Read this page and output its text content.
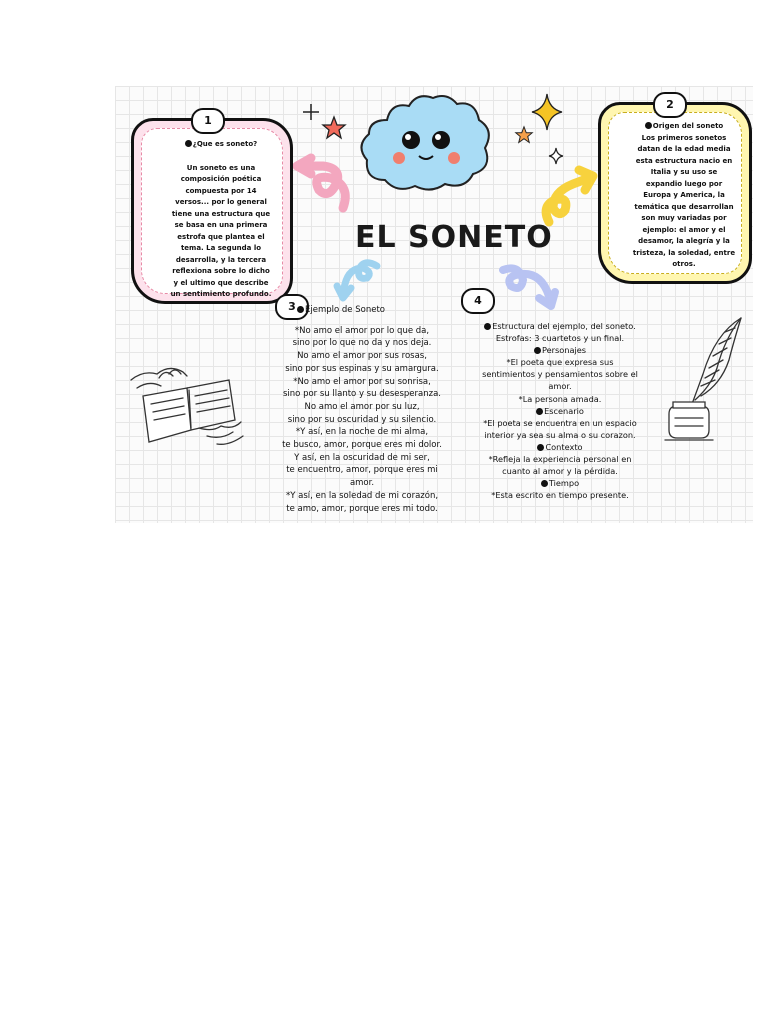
EL SONETO
¿Que es soneto?
Un soneto es una
composición poética
compuesta por 14
versos... por lo general
tiene una estructura que
se basa en una primera
estrofa que plantea el
tema. La segunda lo
desarrolla, y la tercera
reflexiona sobre lo dicho
y el ultimo que describe
un sentimiento profundo.
1	Origen del soneto
Los primeros sonetos
datan de la edad media
esta estructura nacio en
Italia y su uso se
expandio luego por
Europa y America, la
temática que desarrollan
son muy variadas por
ejemplo: el amor y el
desamor, la alegría y la
tristeza, la soledad, entre
otros.
2
3	Ejemplo de Soneto
*No amo el amor por lo que da,
sino por lo que no da y nos deja.
No amo el amor por sus rosas,
sino por sus espinas y su amargura.
*No amo el amor por su sonrisa,
sino por su llanto y su desesperanza.
No amo el amor por su luz,
sino por su oscuridad y su silencio.
*Y así, en la noche de mi alma,
te busco, amor, porque eres mi dolor.
Y así, en la oscuridad de mi ser,
te encuentro, amor, porque eres mi
amor.
*Y así, en la soledad de mi corazón,
te amo, amor, porque eres mi todo.
4
Estructura del ejemplo, del soneto.
Estrofas: 3 cuartetos y un final.
Personajes
*El poeta que expresa sus
sentimientos y pensamientos sobre el
amor.
*La persona amada.
Escenario
*El poeta se encuentra en un espacio
interior ya sea su alma o su corazon.
Contexto
*Refleja la experiencia personal en
cuanto al amor y la pérdida.
Tiempo
*Esta escrito en tiempo presente.
